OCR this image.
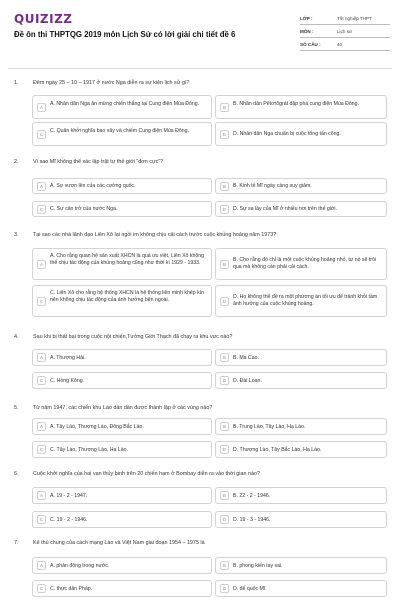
QUIZIZZ
Đề ôn thi THPTQG 2019 môn Lịch Sử có lời giải chi tiết đề 6
LỚP :	Tốt nghiệp THPT
MÔN :	Lịch sử
SỐ CÂU :	40
1.	Đêm ngày 25 – 10 – 1917 ở nước Nga diễn ra sự kiện lịch sử gì?
A
A. Nhân dân Nga ăn mừng chiến thắng tại Cung điện Mùa Đông.
B
B. Nhân dân Pêtơrôgrát đập phá cung điện Mùa Đông.
C
C. Quân khởi nghĩa bao vây và chiếm Cung điện Mùa Đông.
D	D. Nhân dân Nga chuẩn bị cuộc tổng tấn công.
2.	Vì sao Mĩ không thể xác lập trật tự thế giới "đơn cực"?
A	A. Sự vươn lên của các cường quốc.	B	B. Kinh tế Mĩ ngày càng suy giảm.
C	C. Sự cản trở của nước Nga.	D	D. Sự sa lầy của Mĩ ở nhiều nơi trên thế giới.
3.	Tại sao các nhà lãnh đạo Liên Xô lại ngồi im không chịu cải cách trước cuộc khủng hoảng năm 1973?
A
A. Cho rằng quan hệ sản xuất XHCN là quá ưu việt, Liên Xô không thể chịu tác động của khủng hoảng cũng như thời kì 1929 - 1933.	B
B. Cho rằng đó chỉ là một cuộc khủng hoảng nhỏ, tự nó sẽ trôi qua mà không cần phải cải cách.
C
C. Liên Xô cho rằng hệ thống XHCN là hệ thống liên minh khép kín nên không chịu tác động của ảnh hưởng bên ngoài.	D
D. Họ không thể đề ra một phương án tối ưu để tránh khỏi tầm ảnh hưởng của cuộc khủng hoảng.
4.	Sau khi bị thất bại trong cuộc nội chiến,Tưởng Giới Thạch đã chạy ra khu vực nào?
A	A. Thượng Hải.	B	B. Ma Cao.
C	C. Hồng Kông.	D	D. Đài Loan.
5.	Từ năm 1947, các chiến khu Lào dần dần được thành lập ở các vùng nào?
A	A. Tây Lào, Thượng Lào, Đông Bắc Lào.	B	B. Trung Lào, Tây Lào, Hạ Lào.
C	C. Tây Lào, Thượng Lào, Hạ Lào.	D	D. Thượng Lào, Tây Bắc Lào, Hạ Lào.
6.	Cuộc khởi nghĩa của hai vạn thủy binh trên 20 chiến hạm ở Bombay diễn ra vào thời gian nào?
A	A. 19 - 2 - 1947.	B	B. 22 - 2 - 1946.
C	C. 19 - 2 - 1946.	D	D. 19 - 3 - 1946.
7.	Kẻ thù chung của cách mạng Lào và Việt Nam giai đoạn 1954 – 1975 là
A	A. phản động trong nước.	B	B. phong kiến tay sai.
C	C. thực dân Pháp.	D	D. đế quốc Mĩ.
